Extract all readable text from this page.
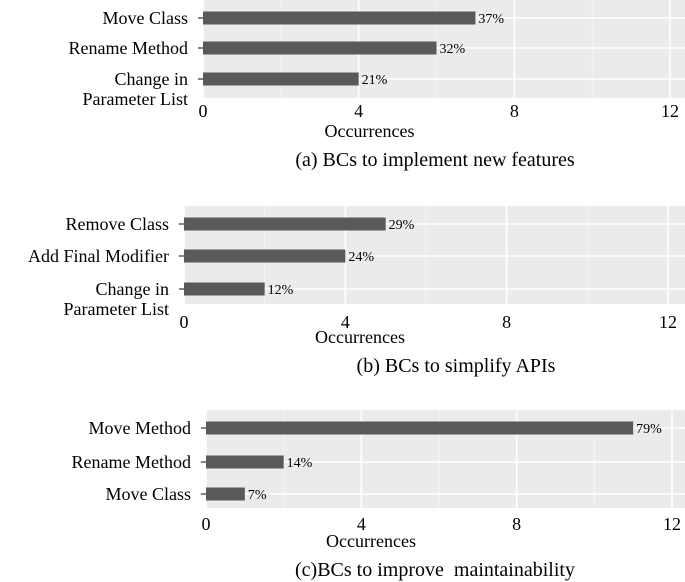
0	4	8	12
37%
Move Class
32%
Rename Method
21%
Change in Parameter List
Occurrences
(a) BCs to implement new features
0	4	8	12
29%
Remove Class
24%
Add Final Modifier
12%
Change in Parameter List
Occurrences
(b) BCs to simplify APIs
0	4	8	12
79%
Move Method
14%
Rename Method
7%
Move Class
Occurrences
(c)BCs to improve  maintainability
